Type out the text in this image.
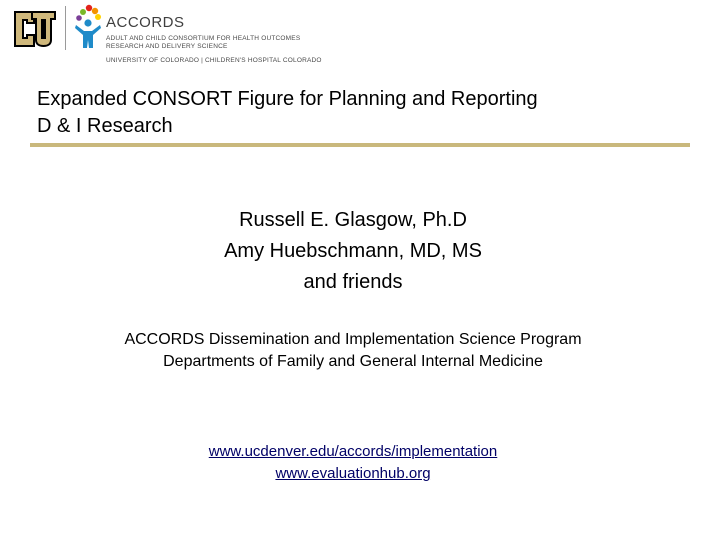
ACCORDS
ADULT AND CHILD CONSORTIUM FOR HEALTH OUTCOMES
RESEARCH AND DELIVERY SCIENCE
UNIVERSITY OF COLORADO | CHILDREN'S HOSPITAL COLORADO
Expanded CONSORT Figure for Planning and Reporting
D & I Research
Russell E. Glasgow, Ph.D
Amy Huebschmann, MD, MS
and friends
ACCORDS Dissemination and Implementation Science Program
Departments of Family and General Internal Medicine
www.ucdenver.edu/accords/implementation
www.evaluationhub.org
